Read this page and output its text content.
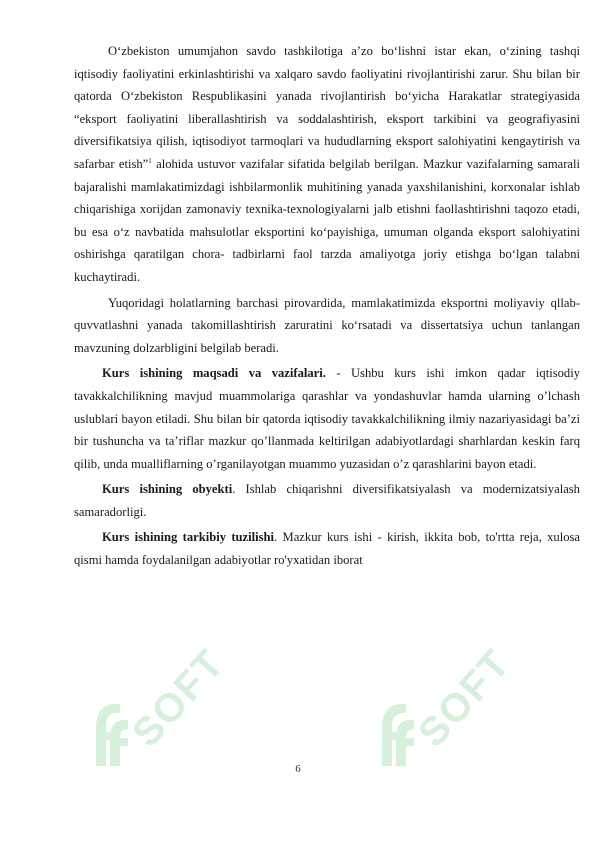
SOFT	SOFT

O‘zbekiston umumjahon savdo tashkilotiga a’zo bo‘lishni istar ekan, o‘zining tashqi iqtisodiy faoliyatini erkinlashtirishi va xalqaro savdo faoliyatini rivojlantirishi zarur. Shu bilan bir qatorda O‘zbekiston Respublikasini yanada rivojlantirish bo‘yicha Harakatlar strategiyasida “eksport faoliyatini liberallashtirish va soddalashtirish, eksport tarkibini va geografiyasini diversifikatsiya qilish, iqtisodiyot tarmoqlari va hududlarning eksport salohiyatini kengaytirish va safarbar etish”$^1$ alohida ustuvor vazifalar sifatida belgilab berilgan. Mazkur vazifalarning samarali bajaralishi mamlakatimizdagi ishbilarmonlik muhitining yanada yaxshilanishini, korxonalar ishlab chiqarishiga xorijdan zamonaviy texnika-texnologiyalarni jalb etishni faollashtirishni taqozo etadi, bu esa o‘z navbatida mahsulotlar eksportini ko‘payishiga, umuman olganda eksport salohiyatini oshirishga qaratilgan chora- tadbirlarni faol tarzda amaliyotga joriy etishga bo‘lgan talabni kuchaytiradi.

Yuqoridagi holatlarning barchasi pirovardida, mamlakatimizda eksportni moliyaviy qllab-quvvatlashni yanada takomillashtirish zaruratini ko‘rsatadi va dissertatsiya uchun tanlangan mavzuning dolzarbligini belgilab beradi.

Kurs ishining maqsadi va vazifalari. - Ushbu kurs ishi imkon qadar iqtisodiy tavakkalchilikning mavjud muammolariga qarashlar va yondashuvlar hamda ularning o’lchash uslublari bayon etiladi. Shu bilan bir qatorda iqtisodiy tavakkalchilikning ilmiy nazariyasidagi ba’zi bir tushuncha va ta’riflar mazkur qo’llanmada keltirilgan adabiyotlardagi sharhlardan keskin farq qilib, unda mualliflarning o’rganilayotgan muammo yuzasidan o’z qarashlarini bayon etadi.

Kurs ishining obyekti. Ishlab chiqarishni diversifikatsiyalash va modernizatsiyalash samaradorligi.

Kurs ishining tarkibiy tuzilishi. Mazkur kurs ishi - kirish, ikkita bob, to'rtta reja, xulosa qismi hamda foydalanilgan adabiyotlar ro'yxatidan iborat

6
